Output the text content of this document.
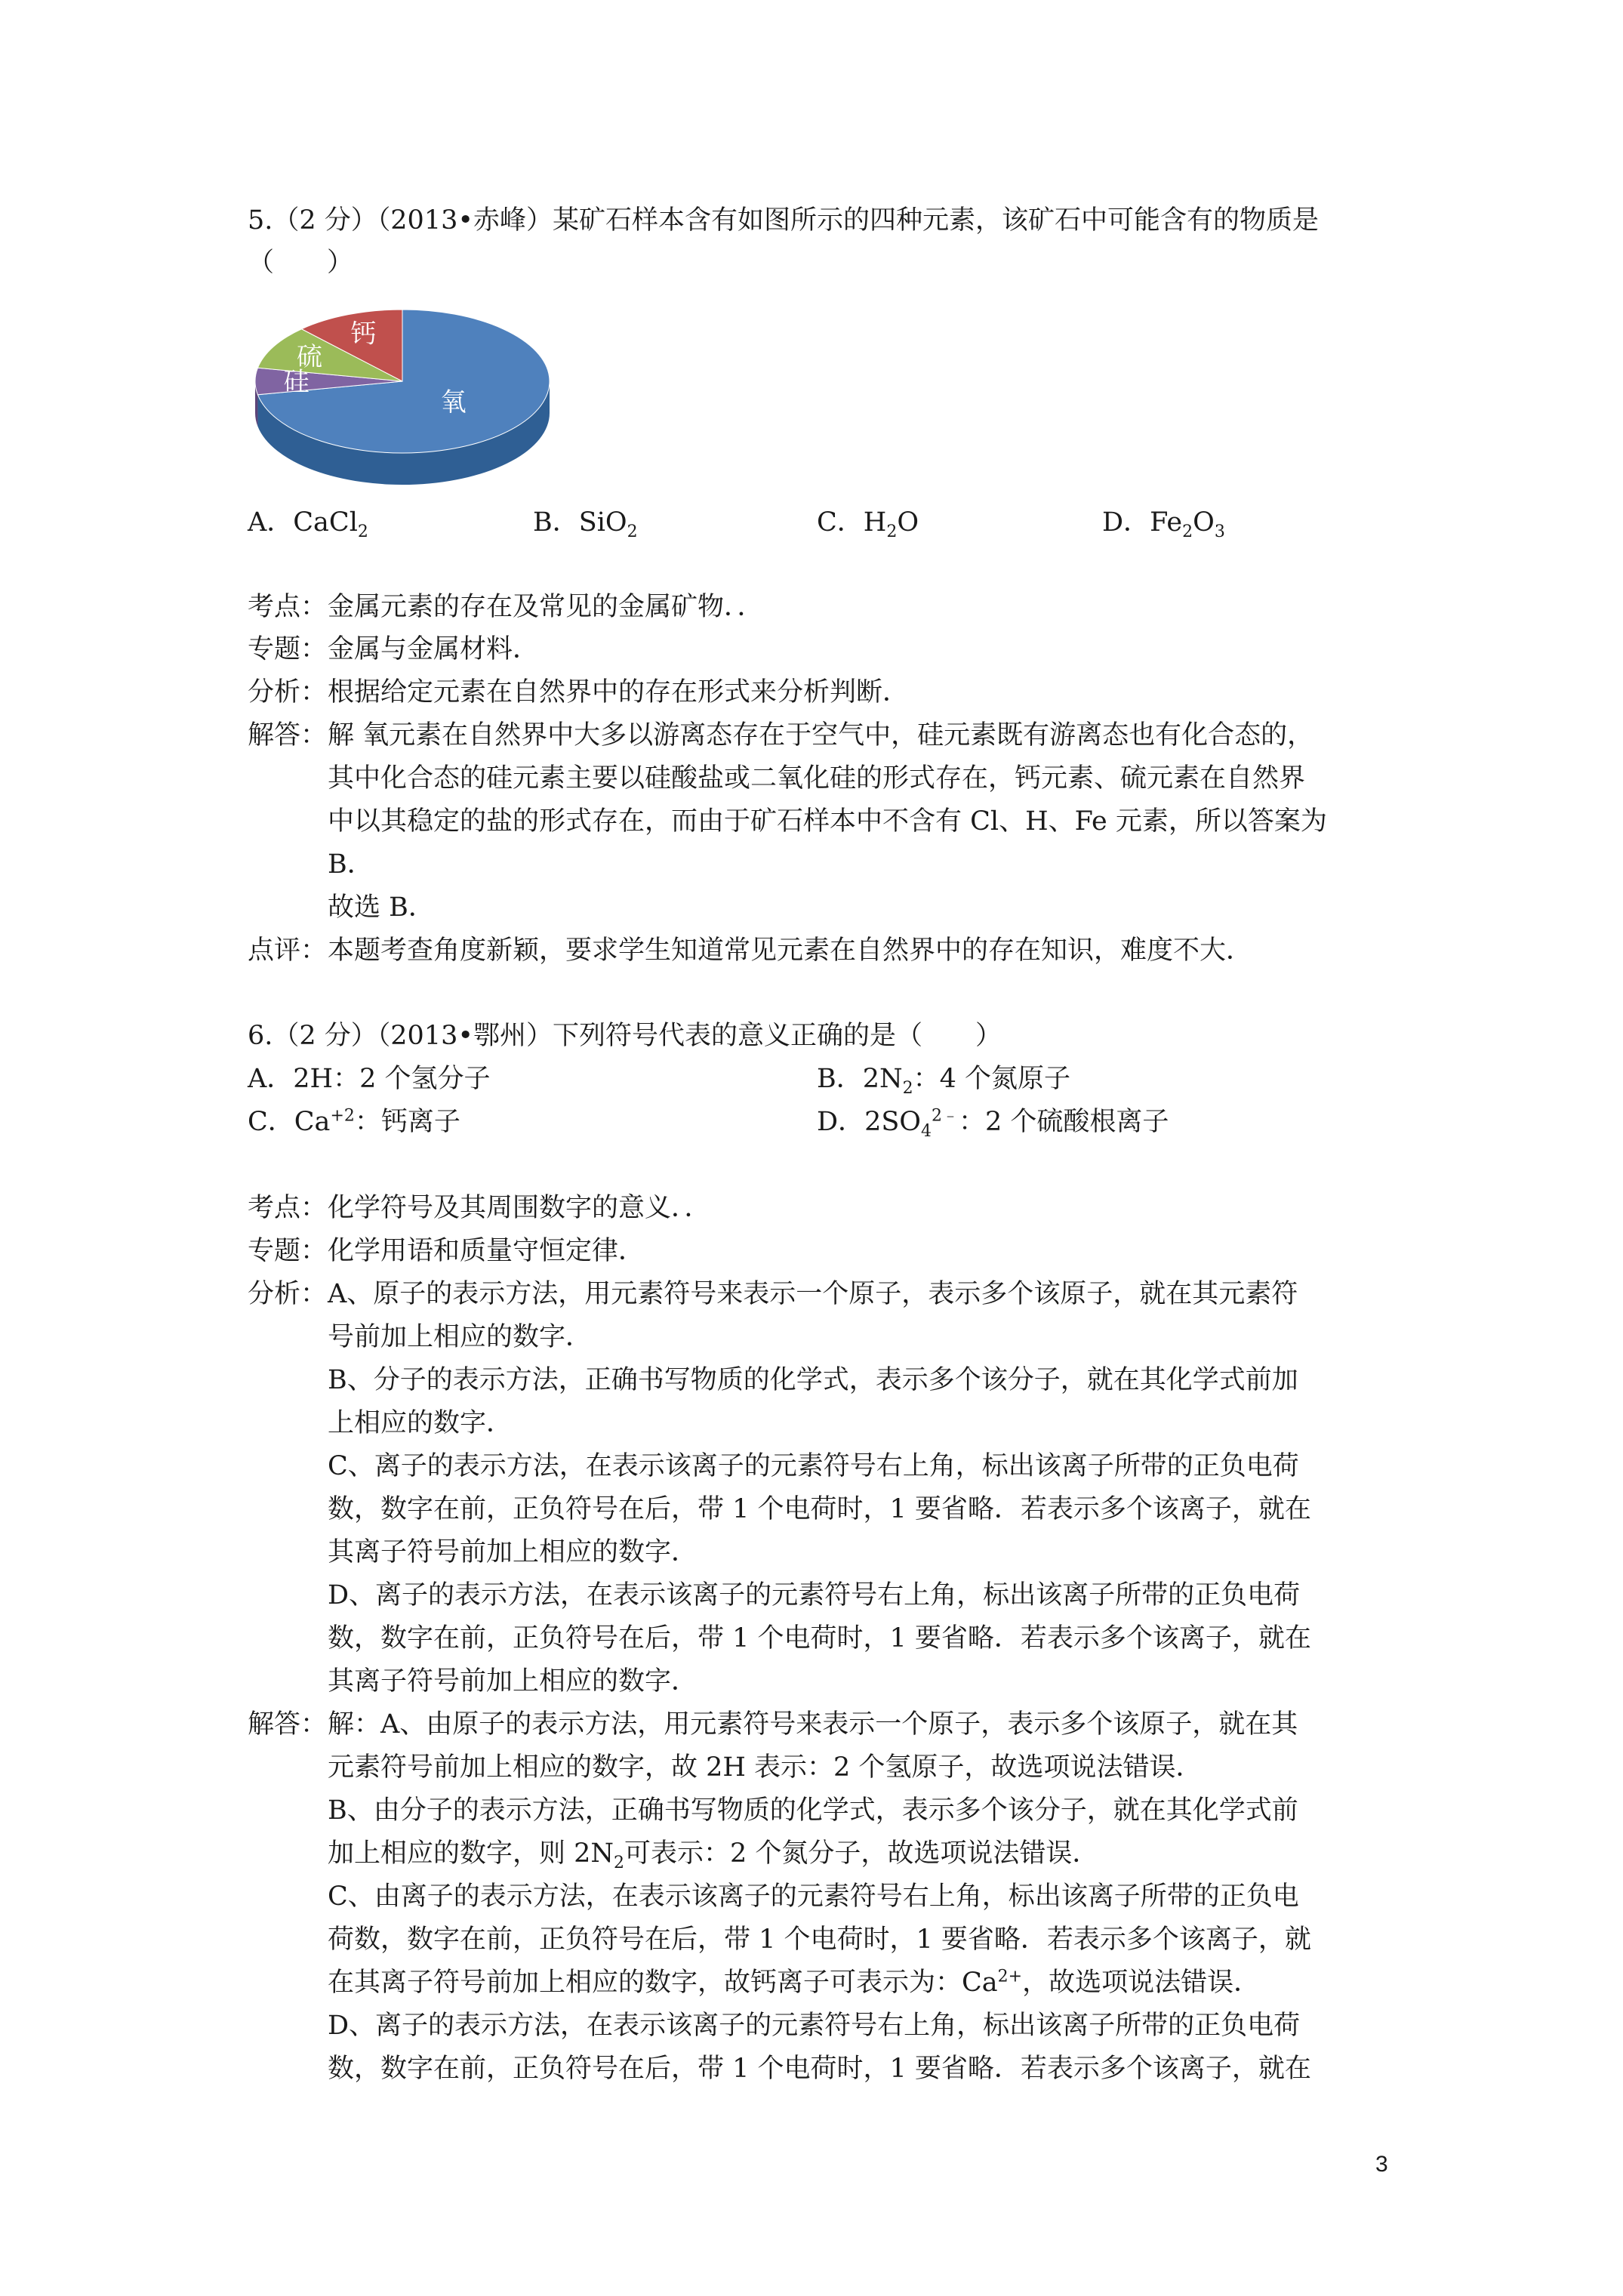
5.（2 分）（2013•赤峰）某矿石样本含有如图所示的四种元素，该矿石中可能含有的物质是
（　　）
氧
硅
硫
钙
A．CaCl$_2$	B．SiO$_2$	C．$H_2O$	D．$Fe_2O_3$
考点： 金属元素的存在及常见的金属矿物．．
专题： 金属与金属材料．
分析： 根据给定元素在自然界中的存在形式来分析判断．
解答： 解 氧元素在自然界中大多以游离态存在于空气中，硅元素既有游离态也有化合态的，
其中化合态的硅元素主要以硅酸盐或二氧化硅的形式存在，钙元素、硫元素在自然界
中以其稳定的盐的形式存在，而由于矿石样本中不含有 Cl、H、Fe 元素，所以答案为
B．
故选 B．
点评： 本题考查角度新颖，要求学生知道常见元素在自然界中的存在知识，难度不大．
6.（2 分）（2013•鄂州）下列符号代表的意义正确的是（　　）
A．2H：2 个氢分子	B．$2N_2$：4 个氮原子
C．$Ca^{+2}$：钙离子	D．$2SO_4^{2﹣}$：2 个硫酸根离子
考点： 化学符号及其周围数字的意义．．
专题： 化学用语和质量守恒定律．
分析： A、原子的表示方法，用元素符号来表示一个原子，表示多个该原子，就在其元素符
号前加上相应的数字．
B、分子的表示方法，正确书写物质的化学式，表示多个该分子，就在其化学式前加
上相应的数字．
C、离子的表示方法，在表示该离子的元素符号右上角，标出该离子所带的正负电荷
数，数字在前，正负符号在后，带 1 个电荷时，1 要省略．若表示多个该离子，就在
其离子符号前加上相应的数字．
D、离子的表示方法，在表示该离子的元素符号右上角，标出该离子所带的正负电荷
数，数字在前，正负符号在后，带 1 个电荷时，1 要省略．若表示多个该离子，就在
其离子符号前加上相应的数字．
解答： 解：A、由原子的表示方法，用元素符号来表示一个原子，表示多个该原子，就在其
元素符号前加上相应的数字，故 2H 表示：2 个氢原子，故选项说法错误．
B、由分子的表示方法，正确书写物质的化学式，表示多个该分子，就在其化学式前
加上相应的数字，则 $2N_2$可表示：2 个氮分子，故选项说法错误．
C、由离子的表示方法，在表示该离子的元素符号右上角，标出该离子所带的正负电
荷数，数字在前，正负符号在后，带 1 个电荷时，1 要省略．若表示多个该离子，就
在其离子符号前加上相应的数字，故钙离子可表示为：$Ca^{2+}$，故选项说法错误．
D、离子的表示方法，在表示该离子的元素符号右上角，标出该离子所带的正负电荷
数，数字在前，正负符号在后，带 1 个电荷时，1 要省略．若表示多个该离子，就在
3
